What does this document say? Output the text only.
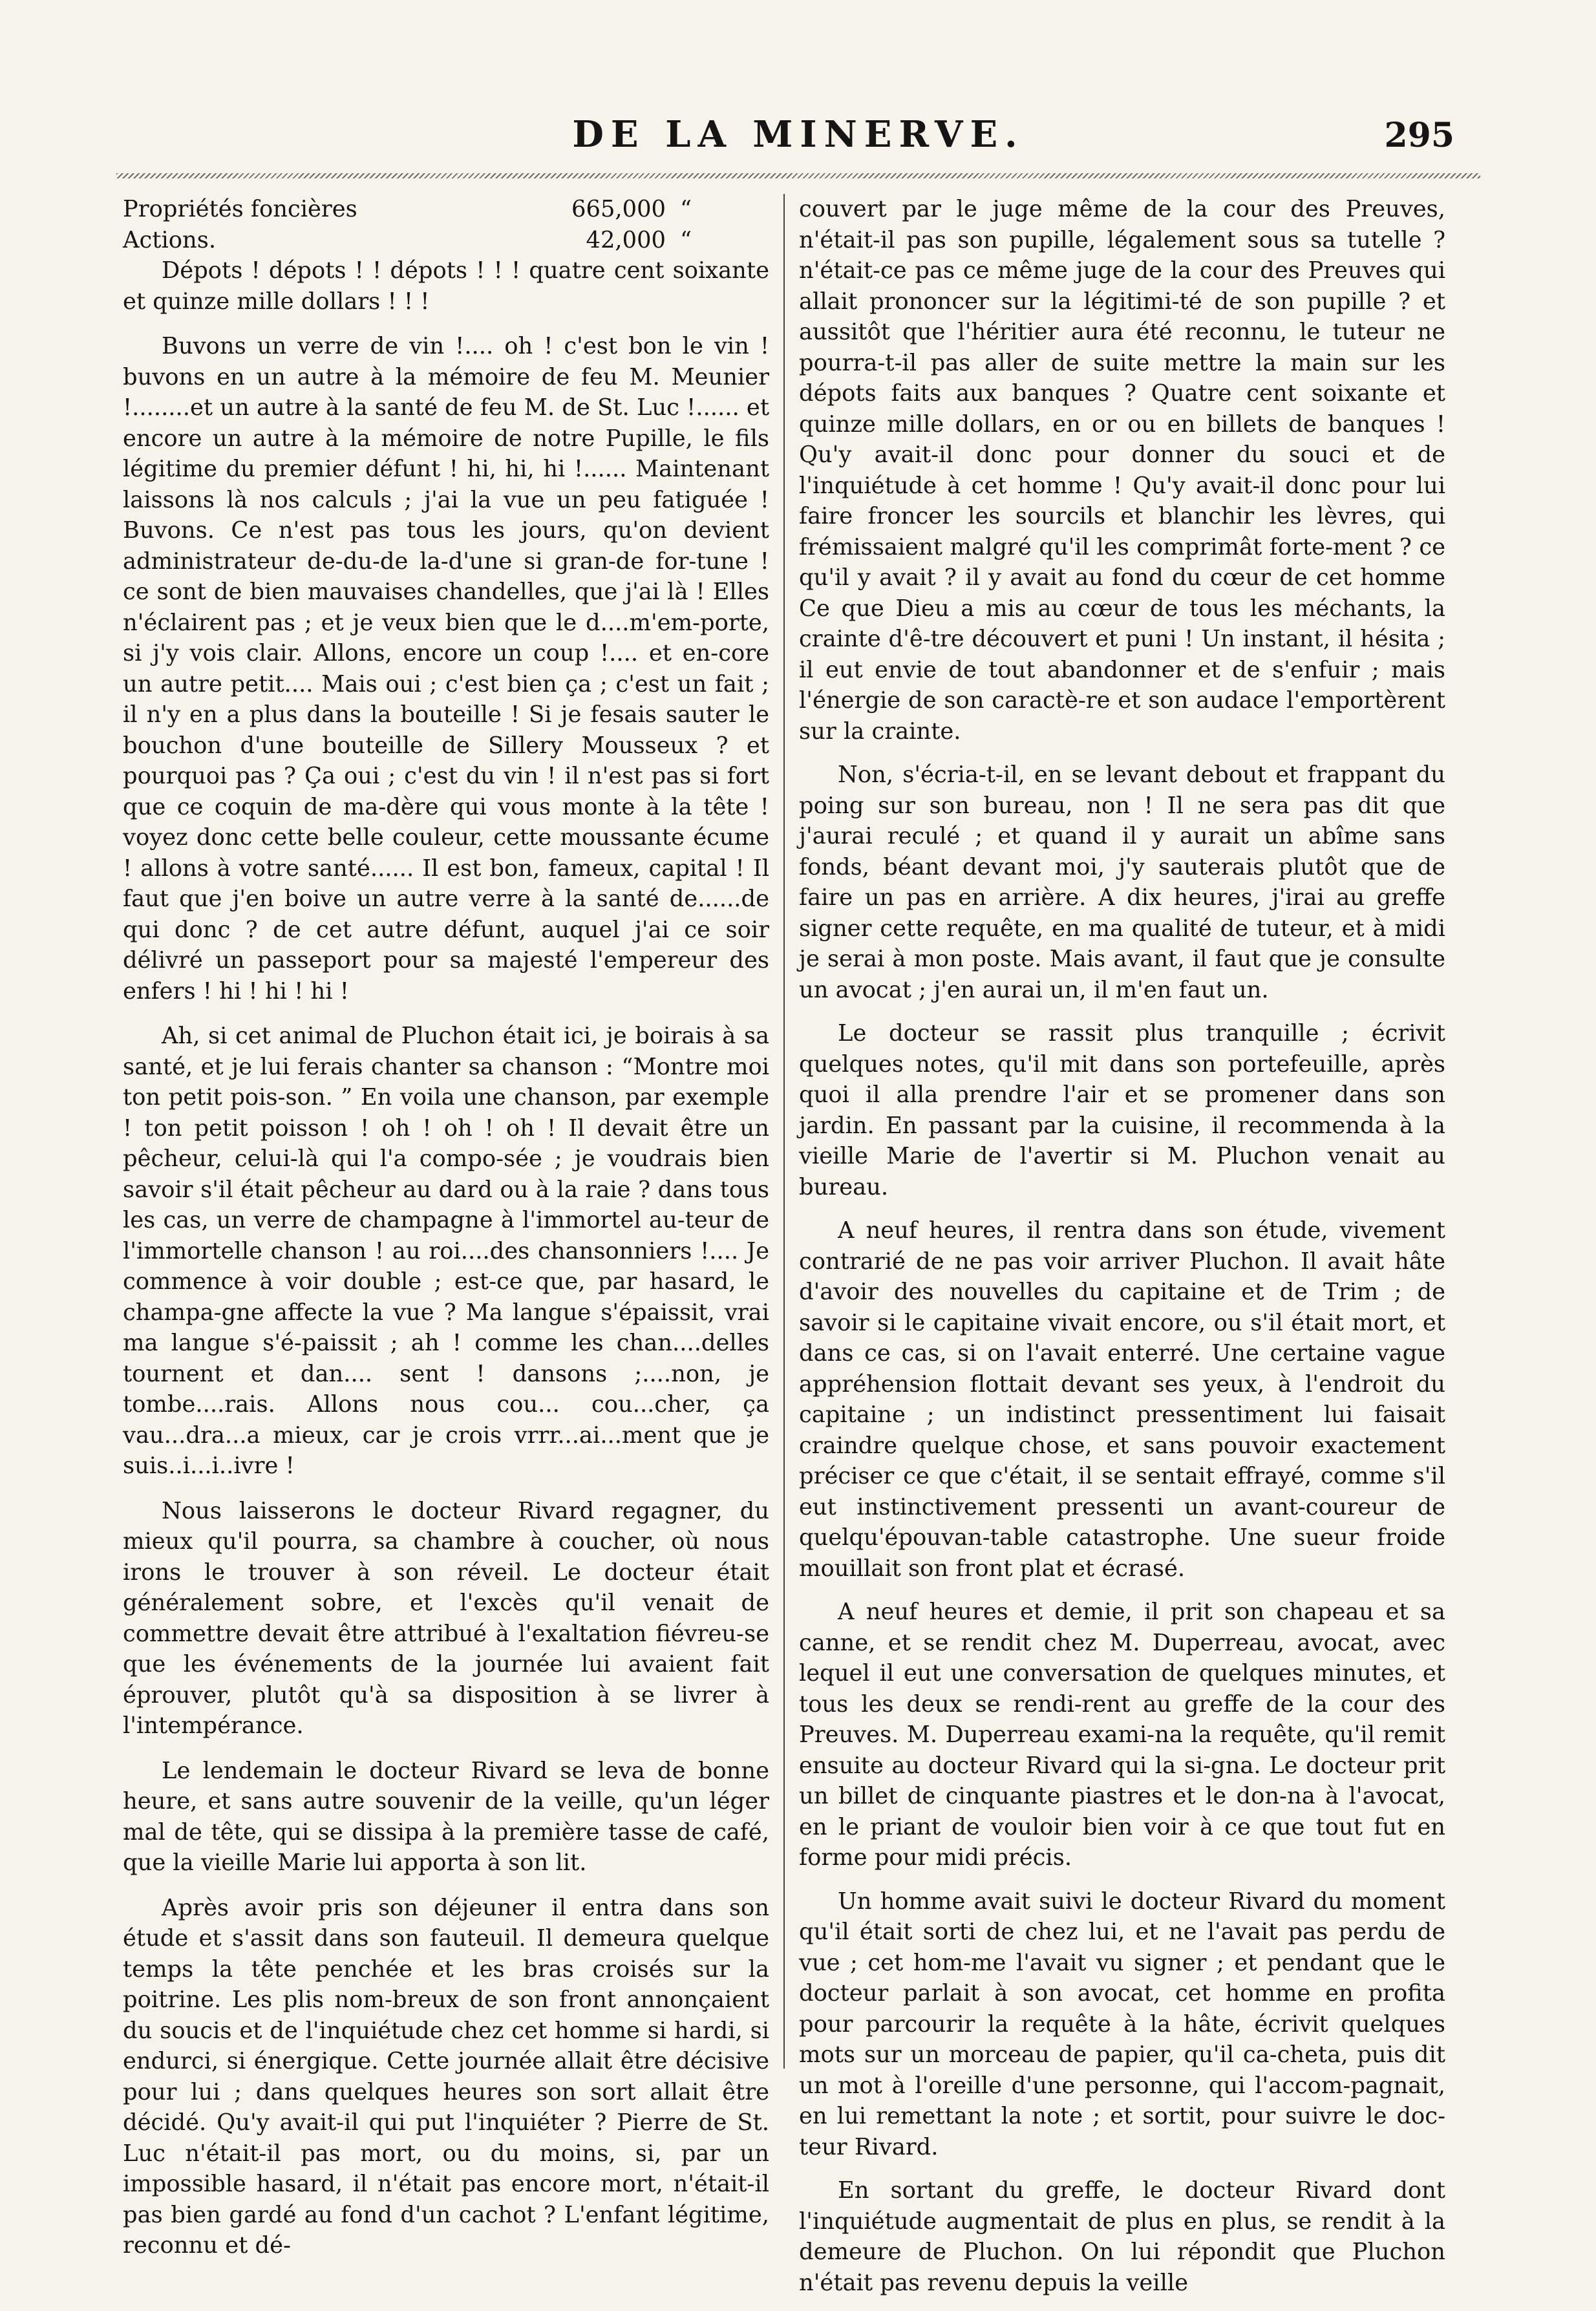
DE LA MINERVE.	295
Propriétés foncières	665,000 “
Actions.	42,000 “

Dépots ! dépots ! ! dépots ! ! ! quatre cent soixante et quinze mille dollars ! ! !

Buvons un verre de vin !.... oh ! c'est bon le vin ! buvons en un autre à la mémoire de feu M. Meunier !........et un autre à la santé de feu M. de St. Luc !...... et encore un autre à la mémoire de notre Pupille, le fils légitime du premier défunt ! hi, hi, hi !...... Maintenant laissons là nos calculs ; j'ai la vue un peu fatiguée ! Buvons. Ce n'est pas tous les jours, qu'on devient administrateur de-du-de la-d'une si gran-de for-tune ! ce sont de bien mauvaises chandelles, que j'ai là ! Elles n'éclairent pas ; et je veux bien que le d....m'em-porte, si j'y vois clair. Allons, encore un coup !.... et en-core un autre petit.... Mais oui ; c'est bien ça ; c'est un fait ; il n'y en a plus dans la bouteille ! Si je fesais sauter le bouchon d'une bouteille de Sillery Mousseux ? et pourquoi pas ? Ça oui ; c'est du vin ! il n'est pas si fort que ce coquin de ma-dère qui vous monte à la tête ! voyez donc cette belle couleur, cette moussante écume ! allons à votre santé...... Il est bon, fameux, capital ! Il faut que j'en boive un autre verre à la santé de......de qui donc ? de cet autre défunt, auquel j'ai ce soir délivré un passeport pour sa majesté l'empereur des enfers ! hi ! hi ! hi !

Ah, si cet animal de Pluchon était ici, je boirais à sa santé, et je lui ferais chanter sa chanson : “Montre moi ton petit pois-son. ” En voila une chanson, par exemple ! ton petit poisson ! oh ! oh ! oh ! Il devait être un pêcheur, celui-là qui l'a compo-sée ; je voudrais bien savoir s'il était pêcheur au dard ou à la raie ? dans tous les cas, un verre de champagne à l'immortel au-teur de l'immortelle chanson ! au roi....des chansonniers !.... Je commence à voir double ; est-ce que, par hasard, le champa-gne affecte la vue ? Ma langue s'épaissit, vrai ma langue s'é-paissit ; ah ! comme les chan....delles tournent et dan.... sent ! dansons ;....non, je tombe....rais. Allons nous cou... cou...cher, ça vau...dra...a mieux, car je crois vrrr...ai...ment que je suis..i...i..ivre !

Nous laisserons le docteur Rivard regagner, du mieux qu'il pourra, sa chambre à coucher, où nous irons le trouver à son réveil. Le docteur était généralement sobre, et l'excès qu'il venait de commettre devait être attribué à l'exaltation fiévreu-se que les événements de la journée lui avaient fait éprouver, plutôt qu'à sa disposition à se livrer à l'intempérance.

Le lendemain le docteur Rivard se leva de bonne heure, et sans autre souvenir de la veille, qu'un léger mal de tête, qui se dissipa à la première tasse de café, que la vieille Marie lui apporta à son lit.

Après avoir pris son déjeuner il entra dans son étude et s'assit dans son fauteuil. Il demeura quelque temps la tête penchée et les bras croisés sur la poitrine. Les plis nom-breux de son front annonçaient du soucis et de l'inquiétude chez cet homme si hardi, si endurci, si énergique. Cette journée allait être décisive pour lui ; dans quelques heures son sort allait être décidé. Qu'y avait-il qui put l'inquiéter ? Pierre de St. Luc n'était-il pas mort, ou du moins, si, par un impossible hasard, il n'était pas encore mort, n'était-il pas bien gardé au fond d'un cachot ? L'enfant légitime, reconnu et dé-

couvert par le juge même de la cour des Preuves, n'était-il pas son pupille, légalement sous sa tutelle ? n'était-ce pas ce même juge de la cour des Preuves qui allait prononcer sur la légitimi-té de son pupille ? et aussitôt que l'héritier aura été reconnu, le tuteur ne pourra-t-il pas aller de suite mettre la main sur les dépots faits aux banques ? Quatre cent soixante et quinze mille dollars, en or ou en billets de banques ! Qu'y avait-il donc pour donner du souci et de l'inquiétude à cet homme ! Qu'y avait-il donc pour lui faire froncer les sourcils et blanchir les lèvres, qui frémissaient malgré qu'il les comprimât forte-ment ? ce qu'il y avait ? il y avait au fond du cœur de cet homme Ce que Dieu a mis au cœur de tous les méchants, la crainte d'ê-tre découvert et puni ! Un instant, il hésita ; il eut envie de tout abandonner et de s'enfuir ; mais l'énergie de son caractè-re et son audace l'emportèrent sur la crainte.

Non, s'écria-t-il, en se levant debout et frappant du poing sur son bureau, non ! Il ne sera pas dit que j'aurai reculé ; et quand il y aurait un abîme sans fonds, béant devant moi, j'y sauterais plutôt que de faire un pas en arrière. A dix heures, j'irai au greffe signer cette requête, en ma qualité de tuteur, et à midi je serai à mon poste. Mais avant, il faut que je consulte un avocat ; j'en aurai un, il m'en faut un.

Le docteur se rassit plus tranquille ; écrivit quelques notes, qu'il mit dans son portefeuille, après quoi il alla prendre l'air et se promener dans son jardin. En passant par la cuisine, il recommenda à la vieille Marie de l'avertir si M. Pluchon venait au bureau.

A neuf heures, il rentra dans son étude, vivement contrarié de ne pas voir arriver Pluchon. Il avait hâte d'avoir des nouvelles du capitaine et de Trim ; de savoir si le capitaine vivait encore, ou s'il était mort, et dans ce cas, si on l'avait enterré. Une certaine vague appréhension flottait devant ses yeux, à l'endroit du capitaine ; un indistinct pressentiment lui faisait craindre quelque chose, et sans pouvoir exactement préciser ce que c'était, il se sentait effrayé, comme s'il eut instinctivement pressenti un avant-coureur de quelqu'épouvan-table catastrophe. Une sueur froide mouillait son front plat et écrasé.

A neuf heures et demie, il prit son chapeau et sa canne, et se rendit chez M. Duperreau, avocat, avec lequel il eut une conversation de quelques minutes, et tous les deux se rendi-rent au greffe de la cour des Preuves. M. Duperreau exami-na la requête, qu'il remit ensuite au docteur Rivard qui la si-gna. Le docteur prit un billet de cinquante piastres et le don-na à l'avocat, en le priant de vouloir bien voir à ce que tout fut en forme pour midi précis.

Un homme avait suivi le docteur Rivard du moment qu'il était sorti de chez lui, et ne l'avait pas perdu de vue ; cet hom-me l'avait vu signer ; et pendant que le docteur parlait à son avocat, cet homme en profita pour parcourir la requête à la hâte, écrivit quelques mots sur un morceau de papier, qu'il ca-cheta, puis dit un mot à l'oreille d'une personne, qui l'accom-pagnait, en lui remettant la note ; et sortit, pour suivre le doc-teur Rivard.

En sortant du greffe, le docteur Rivard dont l'inquiétude augmentait de plus en plus, se rendit à la demeure de Pluchon. On lui répondit que Pluchon n'était pas revenu depuis la veille
